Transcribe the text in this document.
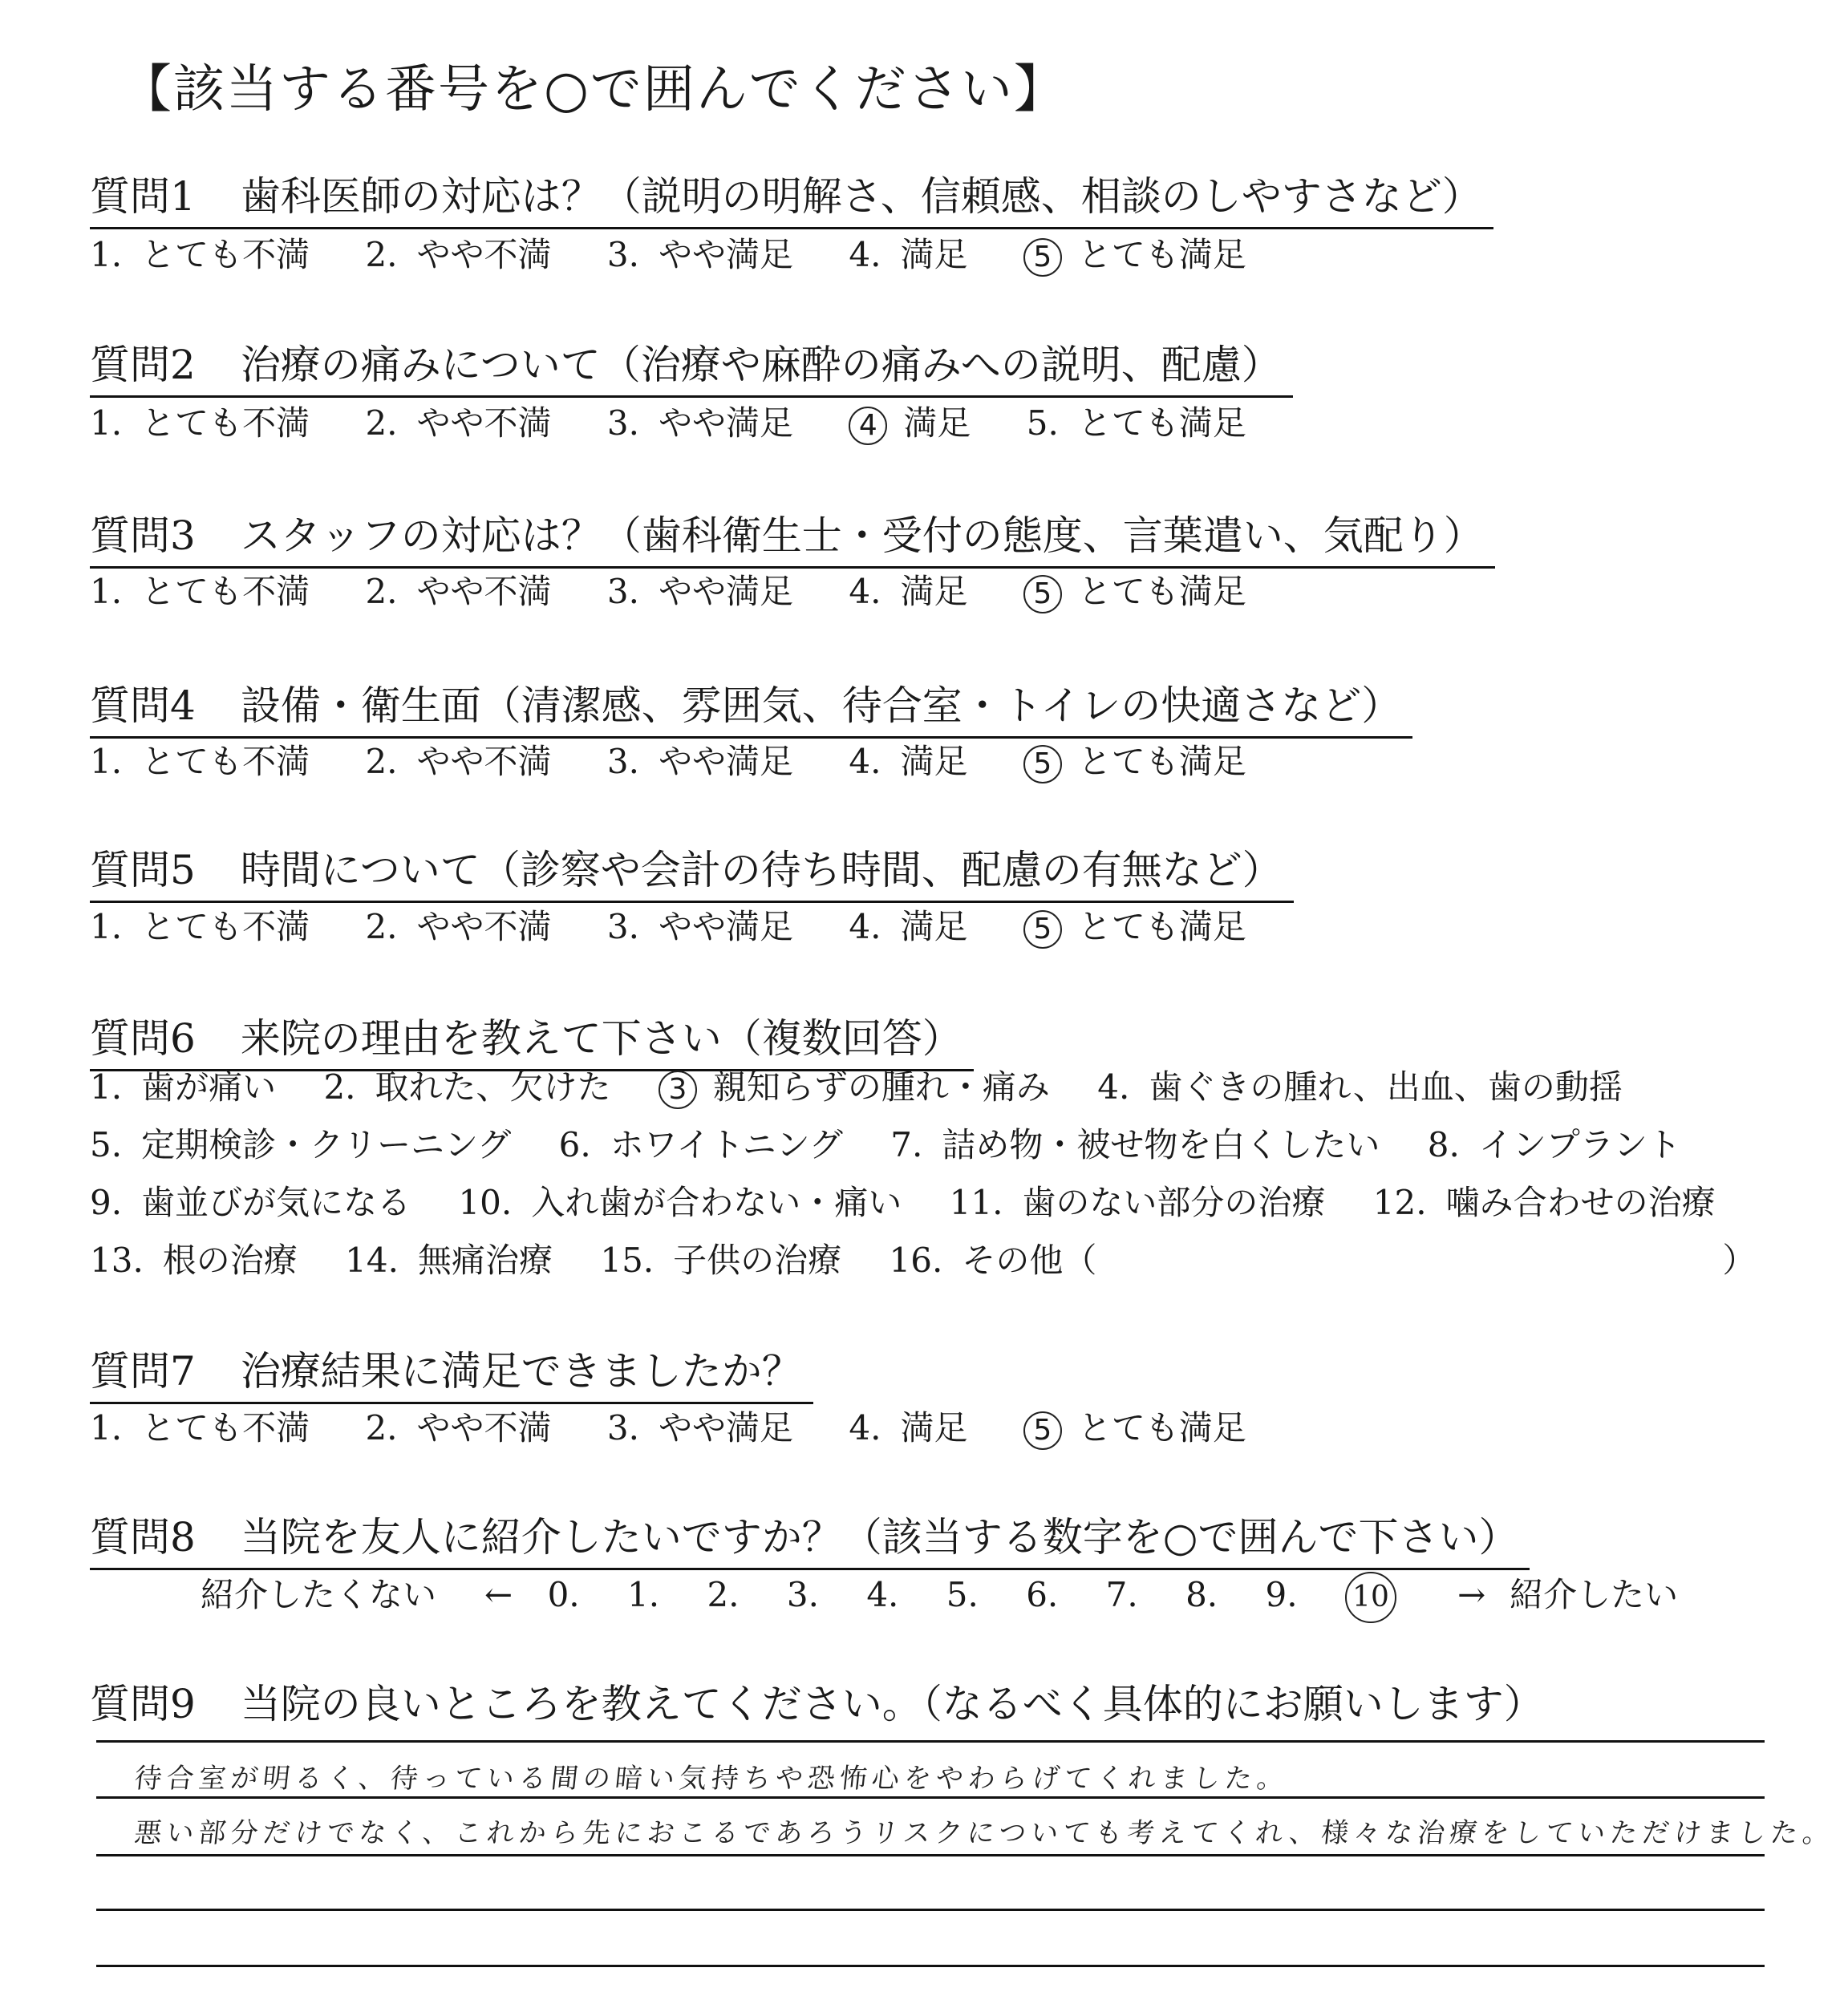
【該当する番号を○で囲んでください】
質問1 歯科医師の対応は？（説明の明解さ、信頼感、相談のしやすさなど）
1. とても不満 2. やや不満 3. やや満足 4. 満足 5 とても満足
質問2 治療の痛みについて（治療や麻酔の痛みへの説明、配慮）
1. とても不満 2. やや不満 3. やや満足 4 満足 5. とても満足
質問3 スタッフの対応は？（歯科衛生士・受付の態度、言葉遣い、気配り）
1. とても不満 2. やや不満 3. やや満足 4. 満足 5 とても満足
質問4 設備・衛生面（清潔感、雰囲気、待合室・トイレの快適さなど）
1. とても不満 2. やや不満 3. やや満足 4. 満足 5 とても満足
質問5 時間について（診察や会計の待ち時間、配慮の有無など）
1. とても不満 2. やや不満 3. やや満足 4. 満足 5 とても満足
質問6 来院の理由を教えて下さい（複数回答）
1. 歯が痛い 2. 取れた、欠けた 3 親知らずの腫れ・痛み 4. 歯ぐきの腫れ、出血、歯の動揺
5. 定期検診・クリーニング 6. ホワイトニング 7. 詰め物・被せ物を白くしたい 8. インプラント
9. 歯並びが気になる 10. 入れ歯が合わない・痛い 11. 歯のない部分の治療 12. 噛み合わせの治療
13. 根の治療 14. 無痛治療 15. 子供の治療 16. その他（	）
質問7 治療結果に満足できましたか？
1. とても不満 2. やや不満 3. やや満足 4. 満足 5 とても満足
質問8 当院を友人に紹介したいですか？（該当する数字を○で囲んで下さい）
紹介したくない ← 0. 1. 2. 3. 4. 5. 6. 7. 8. 9. 10 → 紹介したい
質問9 当院の良いところを教えてください。（なるべく具体的にお願いします）
待合室が明るく、待っている間の暗い気持ちや恐怖心をやわらげてくれました。
悪い部分だけでなく、これから先におこるであろうリスクについても考えてくれ、様々な治療をしていただけました。
